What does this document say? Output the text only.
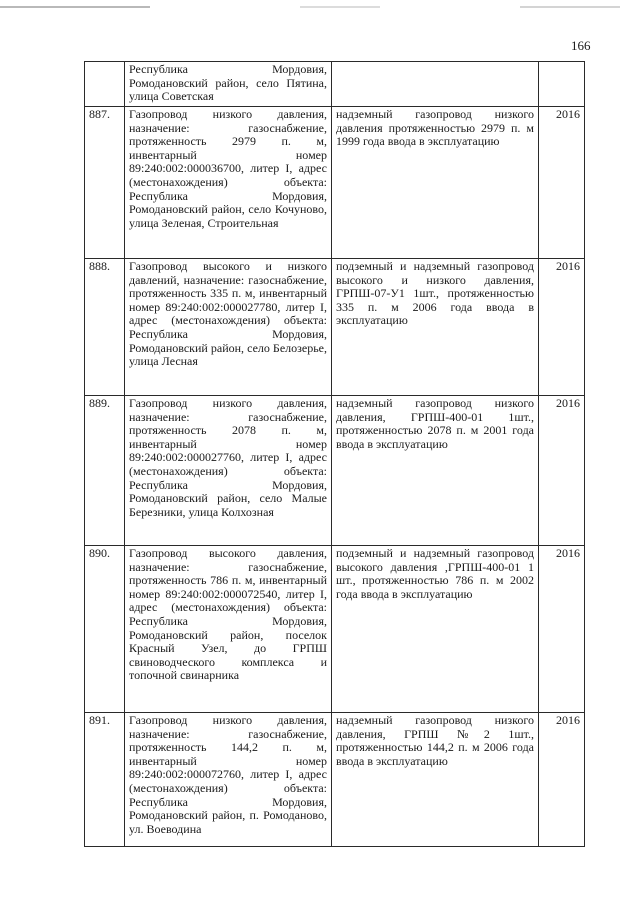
166
	Республика Мордовия, Ромодановский район, село Пятина, улица Советская		
887.	Газопровод низкого давления, назначение: газоснабжение, протяженность 2979 п. м, инвентарный номер 89:240:002:000036700, литер I, адрес (местонахождения) объекта: Республика Мордовия, Ромодановский район, село Кочуново, улица Зеленая, Строительная	надземный газопровод низкого давления протяженностью 2979 п. м 1999 года ввода в эксплуатацию	2016
888.	Газопровод высокого и низкого давлений, назначение: газоснабжение, протяженность 335 п. м, инвентарный номер 89:240:002:000027780, литер I, адрес (местонахождения) объекта: Республика Мордовия, Ромодановский район, село Белозерье, улица Лесная	подземный и надземный газопровод высокого и низкого давления, ГРПШ-07-У1 1шт., протяженностью 335 п. м 2006 года ввода в эксплуатацию	2016
889.	Газопровод низкого давления, назначение: газоснабжение, протяженность 2078 п. м, инвентарный номер 89:240:002:000027760, литер I, адрес (местонахождения) объекта: Республика Мордовия, Ромодановский район, село Малые Березники, улица Колхозная	надземный газопровод низкого давления, ГРПШ-400-01 1шт., протяженностью 2078 п. м 2001 года ввода в эксплуатацию	2016
890.	Газопровод высокого давления, назначение: газоснабжение, протяженность 786 п. м, инвентарный номер 89:240:002:000072540, литер I, адрес (местонахождения) объекта: Республика Мордовия, Ромодановский район, поселок Красный Узел, до ГРПШ свиноводческого комплекса и топочной свинарника	подземный и надземный газопровод высокого давления ,ГРПШ-400-01 1 шт., протяженностью 786 п. м 2002 года ввода в эксплуатацию	2016
891.	Газопровод низкого давления, назначение: газоснабжение, протяженность 144,2 п. м, инвентарный номер 89:240:002:000072760, литер I, адрес (местонахождения) объекта: Республика Мордовия, Ромодановский район, п. Ромоданово, ул. Воеводина	надземный газопровод низкого давления, ГРПШ №2 1шт., протяженностью 144,2 п. м 2006 года ввода в эксплуатацию	2016
